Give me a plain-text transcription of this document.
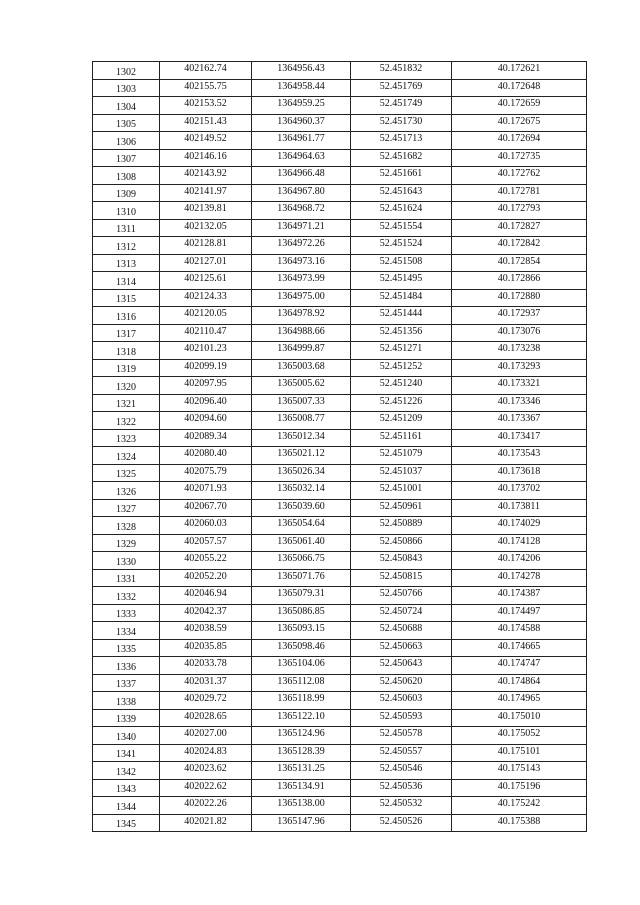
1302	402162.74	1364956.43	52.451832	40.172621
1303	402155.75	1364958.44	52.451769	40.172648
1304	402153.52	1364959.25	52.451749	40.172659
1305	402151.43	1364960.37	52.451730	40.172675
1306	402149.52	1364961.77	52.451713	40.172694
1307	402146.16	1364964.63	52.451682	40.172735
1308	402143.92	1364966.48	52.451661	40.172762
1309	402141.97	1364967.80	52.451643	40.172781
1310	402139.81	1364968.72	52.451624	40.172793
1311	402132.05	1364971.21	52.451554	40.172827
1312	402128.81	1364972.26	52.451524	40.172842
1313	402127.01	1364973.16	52.451508	40.172854
1314	402125.61	1364973.99	52.451495	40.172866
1315	402124.33	1364975.00	52.451484	40.172880
1316	402120.05	1364978.92	52.451444	40.172937
1317	402110.47	1364988.66	52.451356	40.173076
1318	402101.23	1364999.87	52.451271	40.173238
1319	402099.19	1365003.68	52.451252	40.173293
1320	402097.95	1365005.62	52.451240	40.173321
1321	402096.40	1365007.33	52.451226	40.173346
1322	402094.60	1365008.77	52.451209	40.173367
1323	402089.34	1365012.34	52.451161	40.173417
1324	402080.40	1365021.12	52.451079	40.173543
1325	402075.79	1365026.34	52.451037	40.173618
1326	402071.93	1365032.14	52.451001	40.173702
1327	402067.70	1365039.60	52.450961	40.173811
1328	402060.03	1365054.64	52.450889	40.174029
1329	402057.57	1365061.40	52.450866	40.174128
1330	402055.22	1365066.75	52.450843	40.174206
1331	402052.20	1365071.76	52.450815	40.174278
1332	402046.94	1365079.31	52.450766	40.174387
1333	402042.37	1365086.85	52.450724	40.174497
1334	402038.59	1365093.15	52.450688	40.174588
1335	402035.85	1365098.46	52.450663	40.174665
1336	402033.78	1365104.06	52.450643	40.174747
1337	402031.37	1365112.08	52.450620	40.174864
1338	402029.72	1365118.99	52.450603	40.174965
1339	402028.65	1365122.10	52.450593	40.175010
1340	402027.00	1365124.96	52.450578	40.175052
1341	402024.83	1365128.39	52.450557	40.175101
1342	402023.62	1365131.25	52.450546	40.175143
1343	402022.62	1365134.91	52.450536	40.175196
1344	402022.26	1365138.00	52.450532	40.175242
1345	402021.82	1365147.96	52.450526	40.175388
